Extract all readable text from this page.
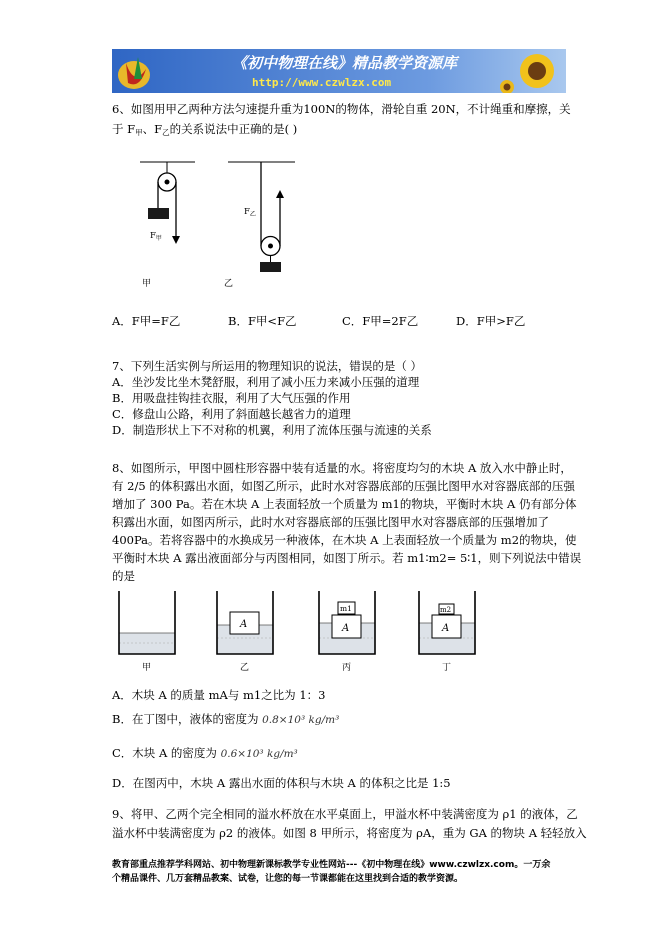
《初中物理在线》精品教学资源库
http://www.czwlzx.com
6、如图用甲乙两种方法匀速提升重为100N的物体，滑轮自重 20N，不计绳重和摩擦，关
于 $F_甲$、$F_乙$的关系说法中正确的是( )
$F_甲$
$F_乙$
甲	乙
A．F甲=F乙	B．F甲<F乙	C．F甲=2F乙	D．F甲>F乙
7、下列生活实例与所运用的物理知识的说法，错误的是（ ）
A．坐沙发比坐木凳舒服，利用了减小压力来减小压强的道理
B．用吸盘挂钩挂衣服，利用了大气压强的作用
C．修盘山公路，利用了斜面越长越省力的道理
D．制造形状上下不对称的机翼，利用了流体压强与流速的关系
8、如图所示，甲图中圆柱形容器中装有适量的水。将密度均匀的木块 A 放入水中静止时，
有 2/5 的体积露出水面，如图乙所示，此时水对容器底部的压强比图甲水对容器底部的压强
增加了 300 Pa。若在木块 A 上表面轻放一个质量为 m1的物块，平衡时木块 A 仍有部分体
积露出水面，如图丙所示，此时水对容器底部的压强比图甲水对容器底部的压强增加了
400Pa。若将容器中的水换成另一种液体，在木块 A 上表面轻放一个质量为 m2的物块，使
平衡时木块 A 露出液面部分与丙图相同，如图丁所示。若 m1∶m2= 5∶1，则下列说法中错误
的是
A	A
m1
A
m2
甲	乙	丙	丁
A．木块 A 的质量 mA与 m1之比为 1：3
B．在丁图中，液体的密度为 0.8×10³ kg/m³
C．木块 A 的密度为 0.6×10³ kg/m³
D．在图丙中，木块 A 露出水面的体积与木块 A 的体积之比是 1:5
9、将甲、乙两个完全相同的溢水杯放在水平桌面上，甲溢水杯中装满密度为 ρ1 的液体，乙
溢水杯中装满密度为 ρ2 的液体。如图 8 甲所示，将密度为 ρA，重为 GA 的物块 A 轻轻放入
教育部重点推荐学科网站、初中物理新课标教学专业性网站---《初中物理在线》www.czwlzx.com。一万余
个精品课件、几万套精品教案、试卷，让您的每一节课都能在这里找到合适的教学资源。
